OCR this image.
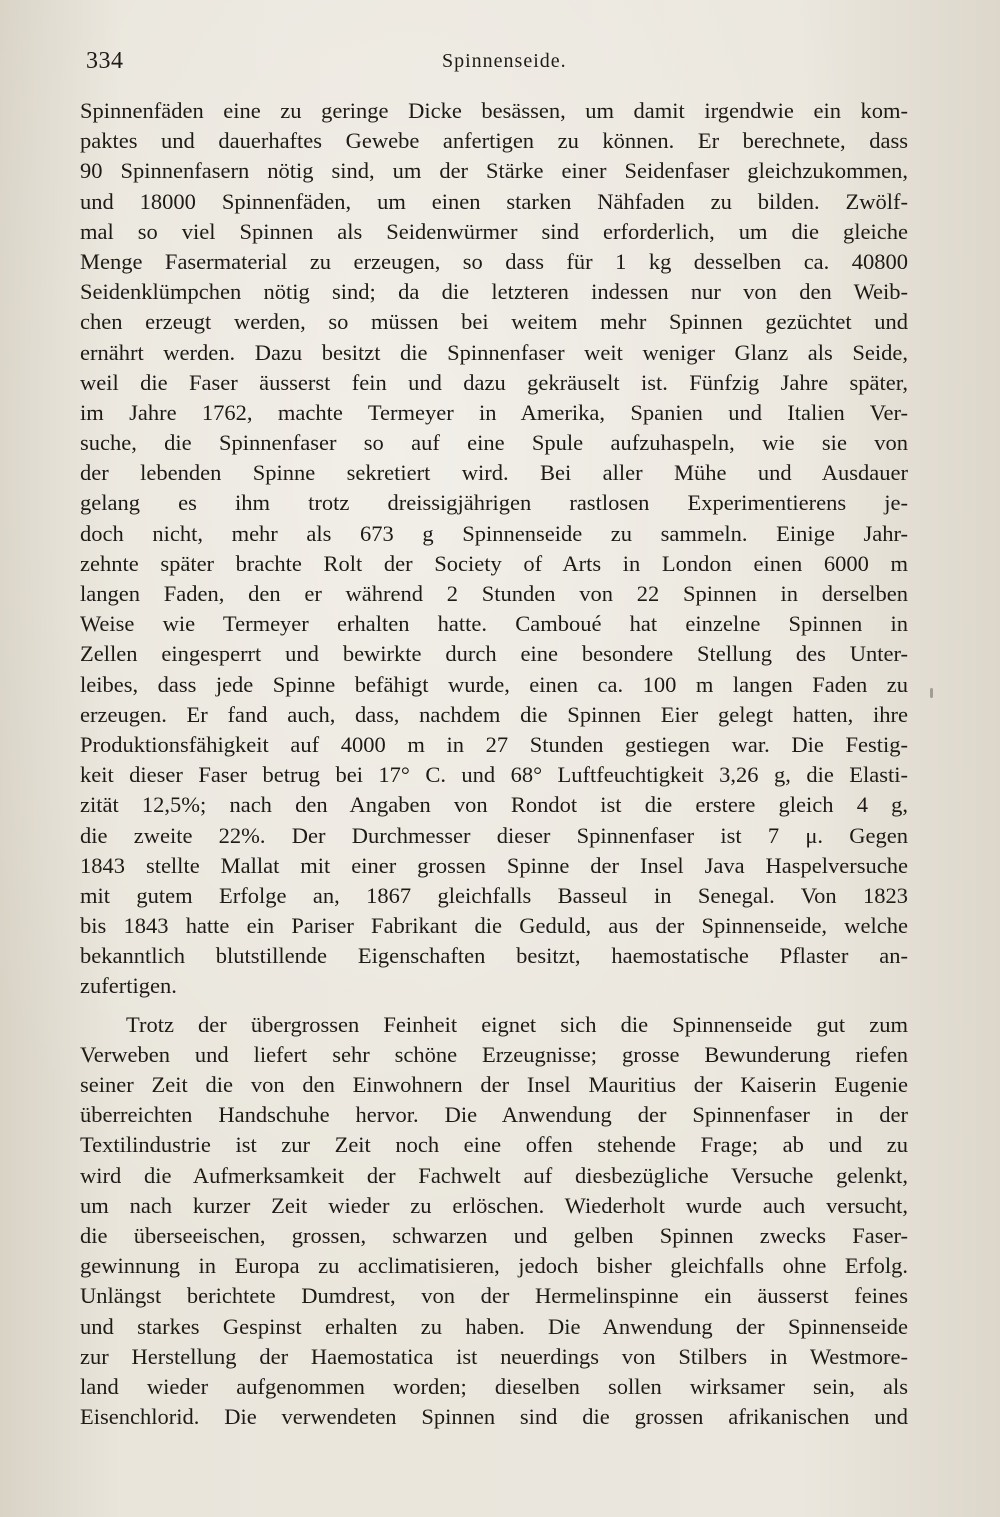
334	Spinnenseide.
Spinnenfäden eine zu geringe Dicke besässen, um damit irgendwie ein kom-
paktes und dauerhaftes Gewebe anfertigen zu können. Er berechnete, dass
90 Spinnenfasern nötig sind, um der Stärke einer Seidenfaser gleichzukommen,
und 18000 Spinnenfäden, um einen starken Nähfaden zu bilden. Zwölf-
mal so viel Spinnen als Seidenwürmer sind erforderlich, um die gleiche
Menge Fasermaterial zu erzeugen, so dass für 1 kg desselben ca. 40800
Seidenklümpchen nötig sind; da die letzteren indessen nur von den Weib-
chen erzeugt werden, so müssen bei weitem mehr Spinnen gezüchtet und
ernährt werden. Dazu besitzt die Spinnenfaser weit weniger Glanz als Seide,
weil die Faser äusserst fein und dazu gekräuselt ist. Fünfzig Jahre später,
im Jahre 1762, machte Termeyer in Amerika, Spanien und Italien Ver-
suche, die Spinnenfaser so auf eine Spule aufzuhaspeln, wie sie von
der lebenden Spinne sekretiert wird. Bei aller Mühe und Ausdauer
gelang es ihm trotz dreissigjährigen rastlosen Experimentierens je-
doch nicht, mehr als 673 g Spinnenseide zu sammeln. Einige Jahr-
zehnte später brachte Rolt der Society of Arts in London einen 6000 m
langen Faden, den er während 2 Stunden von 22 Spinnen in derselben
Weise wie Termeyer erhalten hatte. Camboué hat einzelne Spinnen in
Zellen eingesperrt und bewirkte durch eine besondere Stellung des Unter-
leibes, dass jede Spinne befähigt wurde, einen ca. 100 m langen Faden zu
erzeugen. Er fand auch, dass, nachdem die Spinnen Eier gelegt hatten, ihre
Produktionsfähigkeit auf 4000 m in 27 Stunden gestiegen war. Die Festig-
keit dieser Faser betrug bei 17° C. und 68° Luftfeuchtigkeit 3,26 g, die Elasti-
zität 12,5%; nach den Angaben von Rondot ist die erstere gleich 4 g,
die zweite 22%. Der Durchmesser dieser Spinnenfaser ist 7 μ. Gegen
1843 stellte Mallat mit einer grossen Spinne der Insel Java Haspelversuche
mit gutem Erfolge an, 1867 gleichfalls Basseul in Senegal. Von 1823
bis 1843 hatte ein Pariser Fabrikant die Geduld, aus der Spinnenseide, welche
bekanntlich blutstillende Eigenschaften besitzt, haemostatische Pflaster an-
zufertigen.
Trotz der übergrossen Feinheit eignet sich die Spinnenseide gut zum
Verweben und liefert sehr schöne Erzeugnisse; grosse Bewunderung riefen
seiner Zeit die von den Einwohnern der Insel Mauritius der Kaiserin Eugenie
überreichten Handschuhe hervor. Die Anwendung der Spinnenfaser in der
Textilindustrie ist zur Zeit noch eine offen stehende Frage; ab und zu
wird die Aufmerksamkeit der Fachwelt auf diesbezügliche Versuche gelenkt,
um nach kurzer Zeit wieder zu erlöschen. Wiederholt wurde auch versucht,
die überseeischen, grossen, schwarzen und gelben Spinnen zwecks Faser-
gewinnung in Europa zu acclimatisieren, jedoch bisher gleichfalls ohne Erfolg.
Unlängst berichtete Dumdrest, von der Hermelinspinne ein äusserst feines
und starkes Gespinst erhalten zu haben. Die Anwendung der Spinnenseide
zur Herstellung der Haemostatica ist neuerdings von Stilbers in Westmore-
land wieder aufgenommen worden; dieselben sollen wirksamer sein, als
Eisenchlorid. Die verwendeten Spinnen sind die grossen afrikanischen und
